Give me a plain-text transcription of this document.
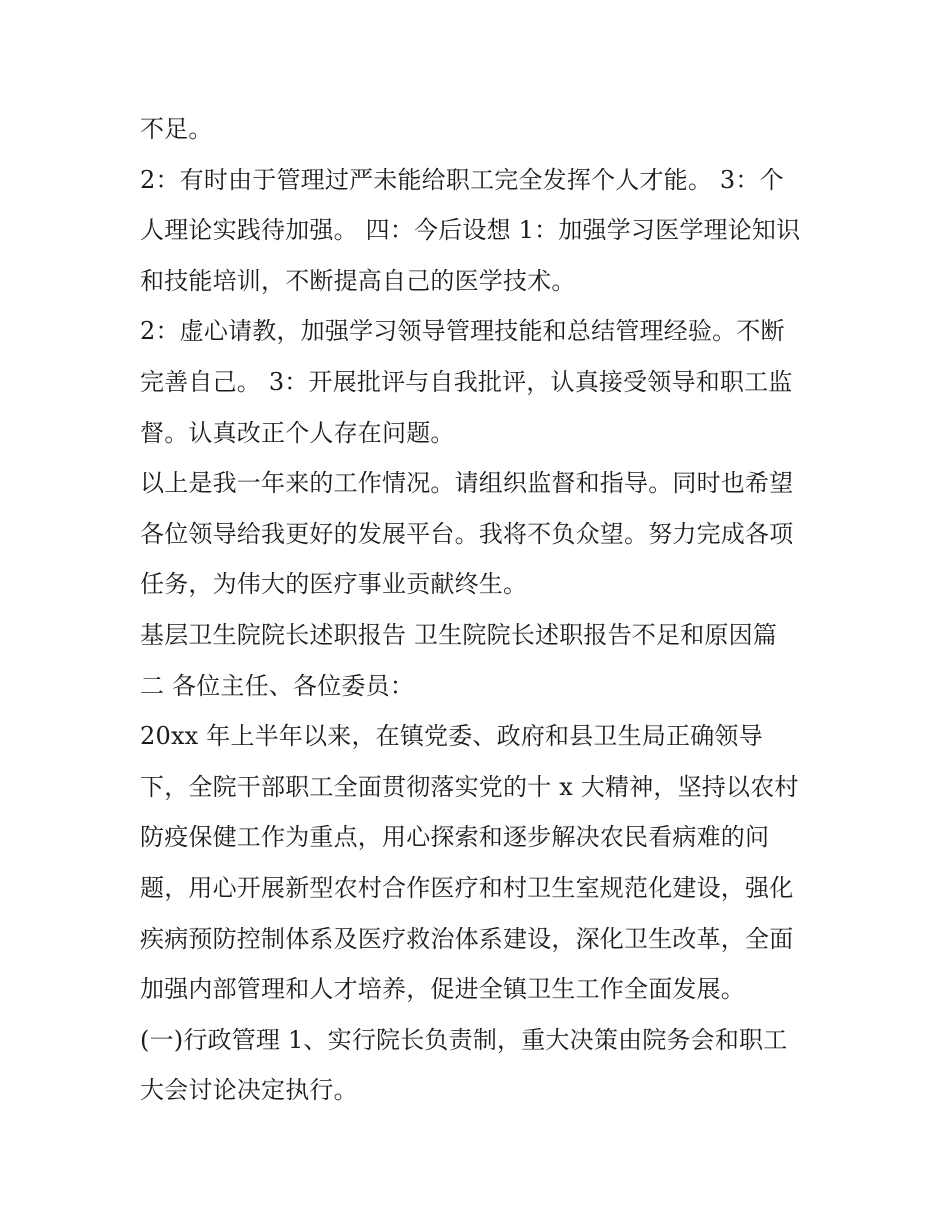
不足。
2：有时由于管理过严未能给职工完全发挥个人才能。 3：个
人理论实践待加强。 四：今后设想 1：加强学习医学理论知识
和技能培训，不断提高自己的医学技术。
2：虚心请教，加强学习领导管理技能和总结管理经验。不断
完善自己。 3：开展批评与自我批评，认真接受领导和职工监
督。认真改正个人存在问题。
以上是我一年来的工作情况。请组织监督和指导。同时也希望
各位领导给我更好的发展平台。我将不负众望。努力完成各项
任务，为伟大的医疗事业贡献终生。
基层卫生院院长述职报告 卫生院院长述职报告不足和原因篇
二 各位主任、各位委员：
20xx 年上半年以来，在镇党委、政府和县卫生局正确领导
下，全院干部职工全面贯彻落实党的十 x 大精神，坚持以农村
防疫保健工作为重点，用心探索和逐步解决农民看病难的问
题，用心开展新型农村合作医疗和村卫生室规范化建设，强化
疾病预防控制体系及医疗救治体系建设，深化卫生改革，全面
加强内部管理和人才培养，促进全镇卫生工作全面发展。
(一)行政管理 1、实行院长负责制，重大决策由院务会和职工
大会讨论决定执行。
